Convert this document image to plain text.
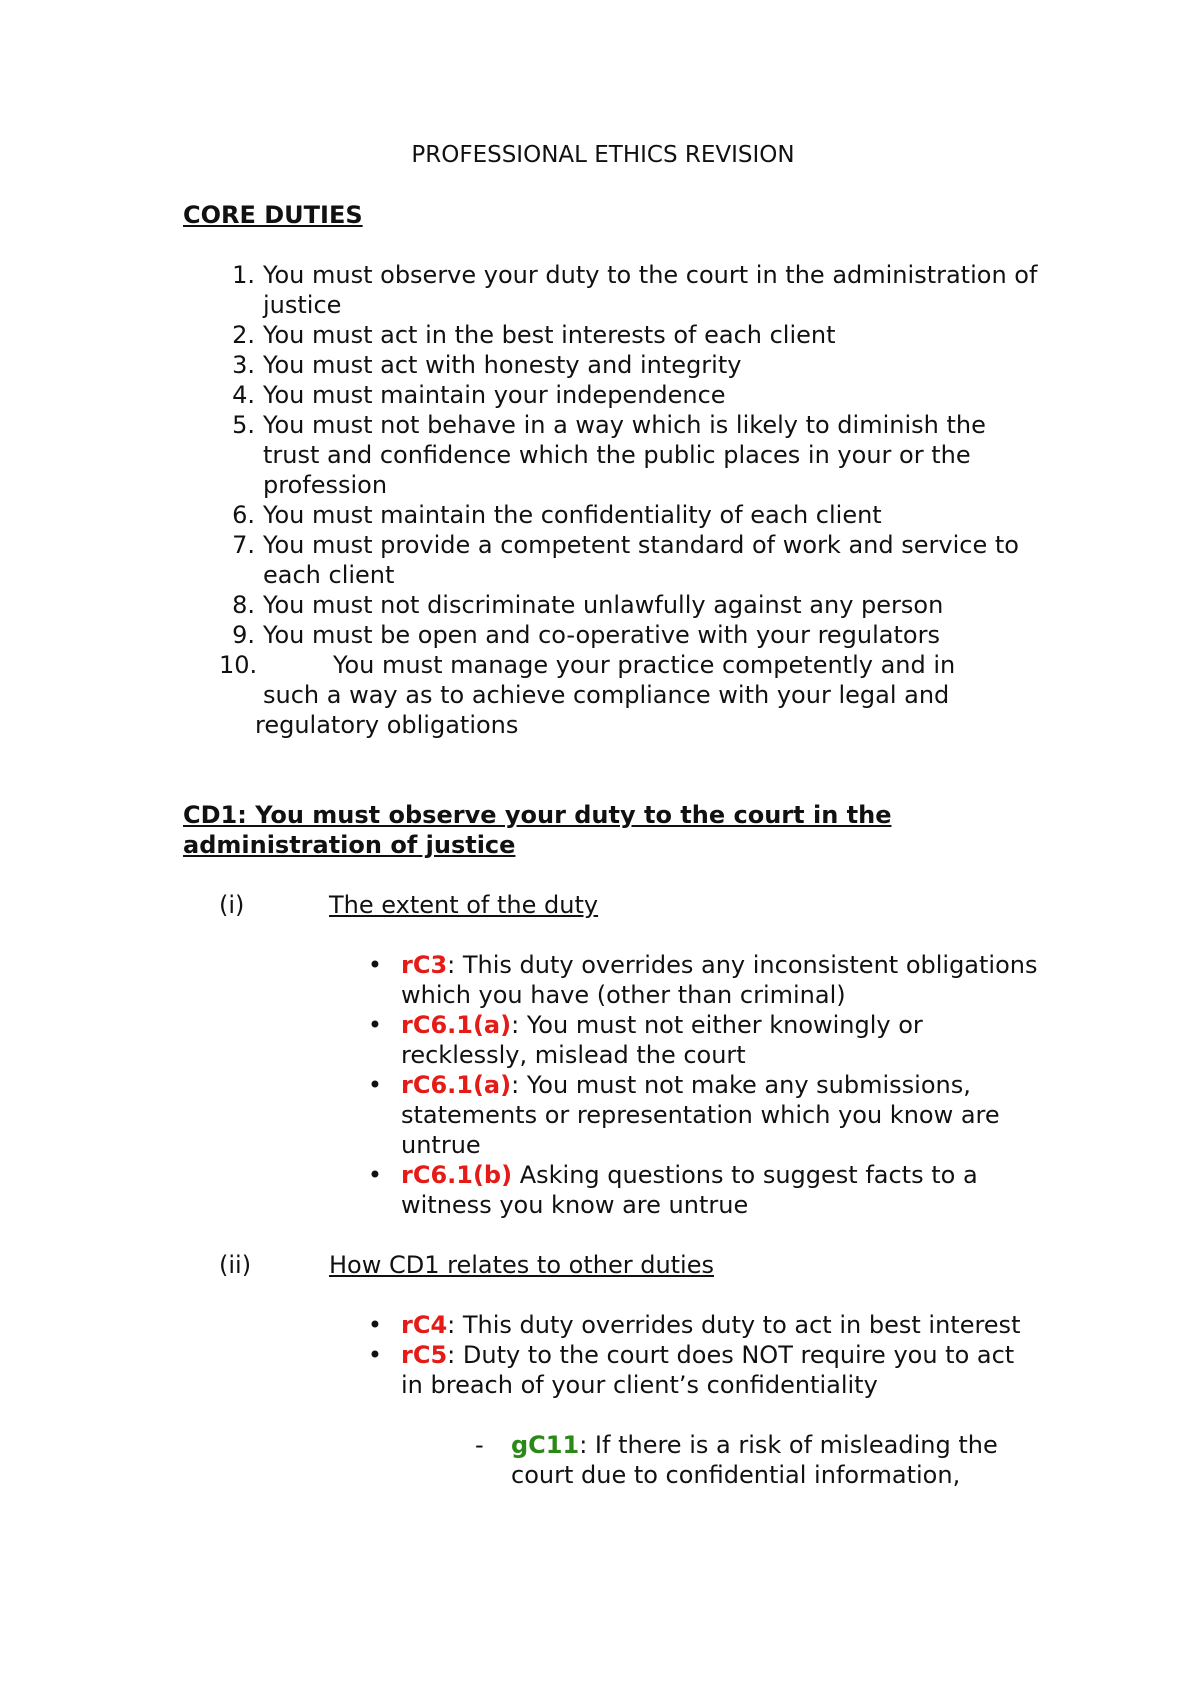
PROFESSIONAL ETHICS REVISION
CORE DUTIES
1. You must observe your duty to the court in the administration of justice
2. You must act in the best interests of each client
3. You must act with honesty and integrity
4. You must maintain your independence
5. You must not behave in a way which is likely to diminish the trust and confidence which the public places in your or the profession
6. You must maintain the confidentiality of each client
7. You must provide a competent standard of work and service to each client
8. You must not discriminate unlawfully against any person
9. You must be open and co-operative with your regulators
10.	You must manage your practice competently and in
such a way as to achieve compliance with your legal and regulatory obligations
CD1: You must observe your duty to the court in the
administration of justice
(i)	The extent of the duty
• rC3: This duty overrides any inconsistent obligations which you have (other than criminal)
• rC6.1(a): You must not either knowingly or recklessly, mislead the court
• rC6.1(a): You must not make any submissions, statements or representation which you know are untrue
• rC6.1(b) Asking questions to suggest facts to a witness you know are untrue
(ii)	How CD1 relates to other duties
• rC4: This duty overrides duty to act in best interest
• rC5: Duty to the court does NOT require you to act in breach of your client’s confidentiality
- gC11: If there is a risk of misleading the court due to confidential information,
